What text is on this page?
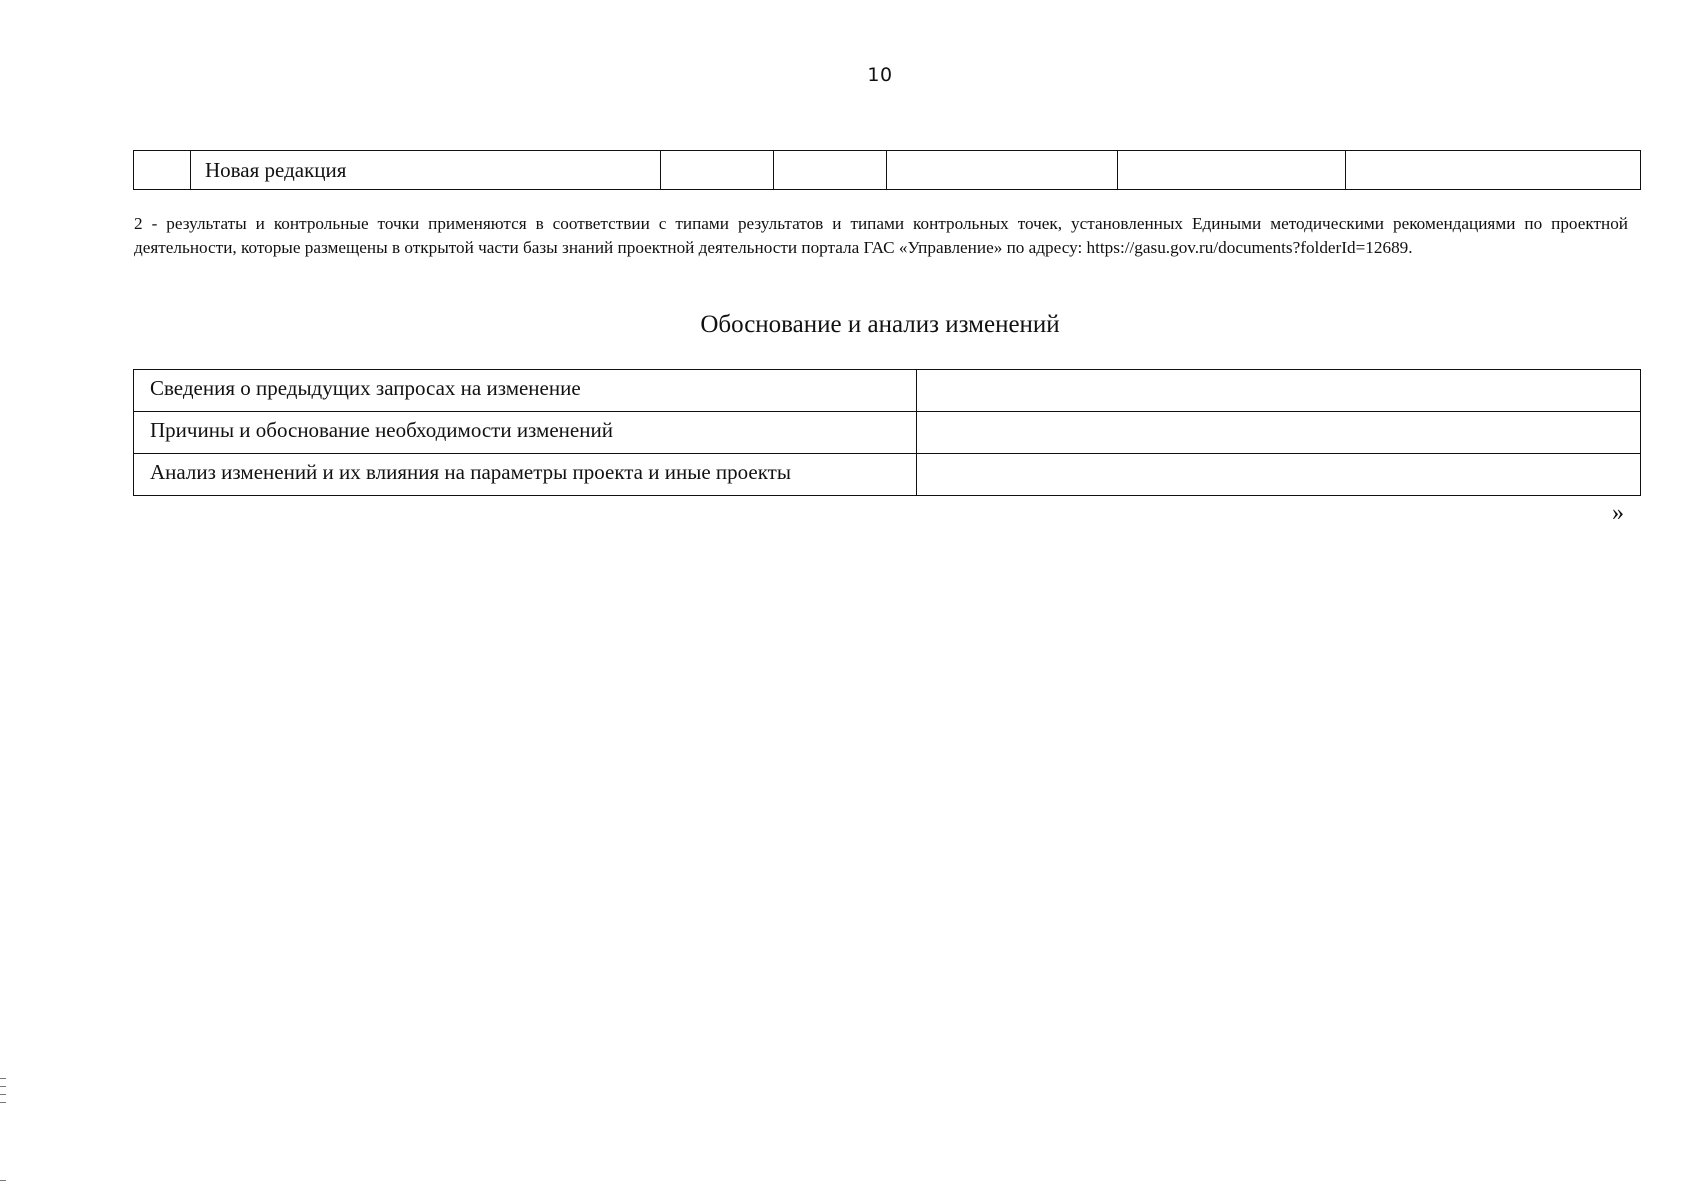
10
	Новая редакция					
2 - результаты и контрольные точки применяются в соответствии с типами результатов и типами контрольных точек, установленных Едиными методическими рекомендациями по проектной деятельности, которые размещены в открытой части базы знаний проектной деятельности портала ГАС «Управление» по адресу: https://gasu.gov.ru/documents?folderId=12689.
Обоснование и анализ изменений
Сведения о предыдущих запросах на изменение	
Причины и обоснование необходимости изменений	
Анализ изменений и их влияния на параметры проекта и иные проекты	
»
